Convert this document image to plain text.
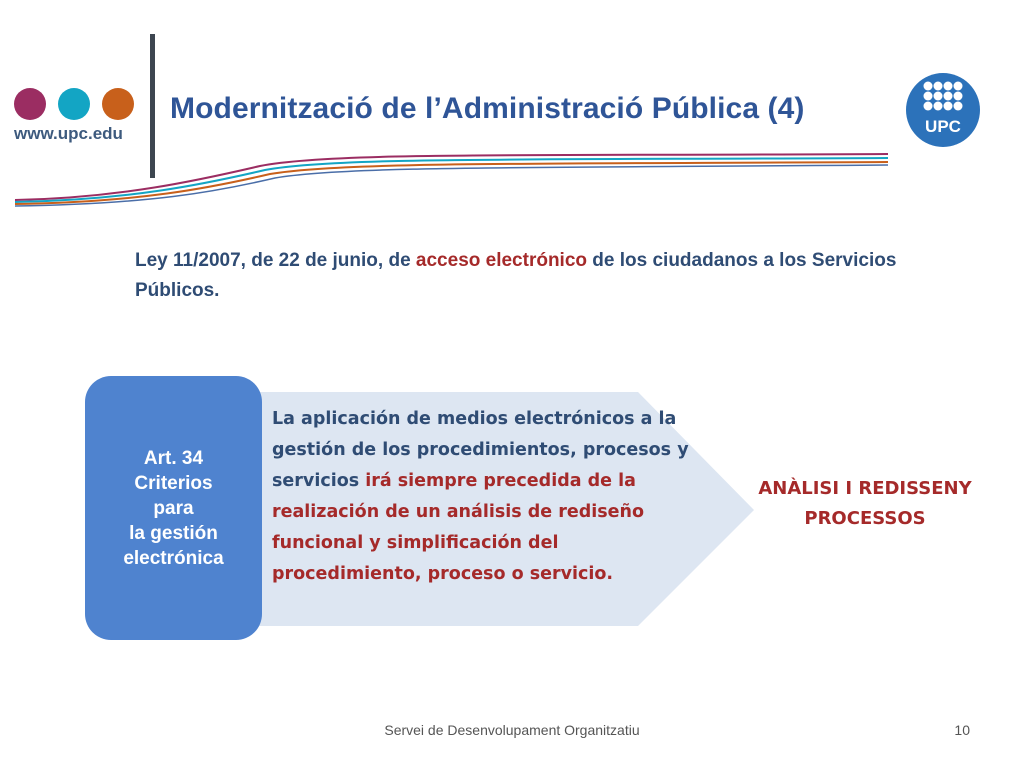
www.upc.edu
Modernització de l’Administració Pública (4)
UPC
Ley 11/2007, de 22 de junio, de acceso electrónico de los ciudadanos a los Servicios Públicos.
Art. 34
Criterios
para
la gestión
electrónica
La aplicación de medios electrónicos a la gestión de los procedimientos, procesos y servicios irá siempre precedida de la realización de un análisis de rediseño funcional y simplificación del procedimiento, proceso o servicio.
ANÀLISI I REDISSENY
PROCESSOS
Servei de Desenvolupament Organitzatiu	10
